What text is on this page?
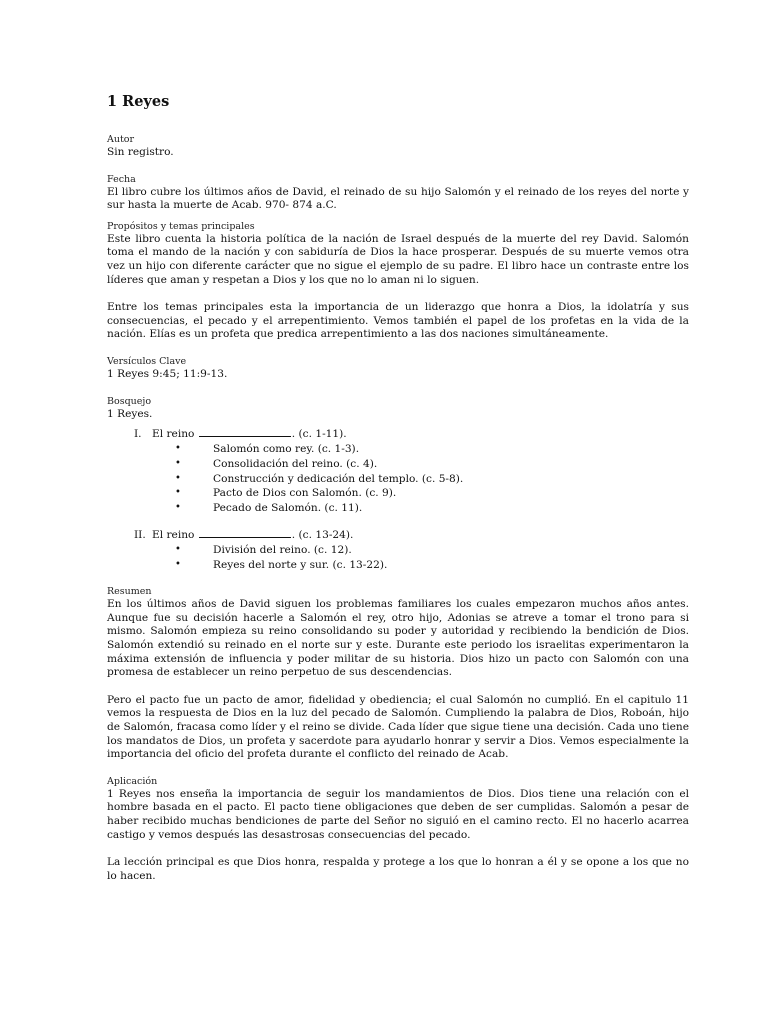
1 Reyes

Autor

Sin registro.

Fecha

El libro cubre los últimos años de David, el reinado de su hijo Salomón y el reinado de los reyes del norte y sur hasta la muerte de Acab. 970- 874 a.C.

Propósitos y temas principales

Este libro cuenta la historia política de la nación de Israel después de la muerte del rey David. Salomón toma el mando de la nación y con sabiduría de Dios la hace prosperar. Después de su muerte vemos otra vez un hijo con diferente carácter que no sigue el ejemplo de su padre. El libro hace un contraste entre los líderes que aman y respetan a Dios y los que no lo aman ni lo siguen.

Entre los temas principales esta la importancia de un liderazgo que honra a Dios, la idolatría y sus consecuencias, el pecado y el arrepentimiento. Vemos también el papel de los profetas en la vida de la nación. Elías es un profeta que predica arrepentimiento a las dos naciones simultáneamente.

Versículos Clave

1 Reyes 9:45; 11:9-13.

Bosquejo

1 Reyes.

I. El reino	. (c. 1-11).
•	Salomón como rey. (c. 1-3).
•	Consolidación del reino. (c. 4).
•	Construcción y dedicación del templo. (c. 5-8).
•	Pacto de Dios con Salomón. (c. 9).
•	Pecado de Salomón. (c. 11).
II. El reino	. (c. 13-24).
•	División del reino. (c. 12).
•	Reyes del norte y sur. (c. 13-22).

Resumen

En los últimos años de David siguen los problemas familiares los cuales empezaron muchos años antes. Aunque fue su decisión hacerle a Salomón el rey, otro hijo, Adonias se atreve a tomar el trono para si mismo. Salomón empieza su reino consolidando su poder y autoridad y recibiendo la bendición de Dios. Salomón extendió su reinado en el norte sur y este. Durante este periodo los israelitas experimentaron la máxima extensión de influencia y poder militar de su historia. Dios hizo un pacto con Salomón con una promesa de establecer un reino perpetuo de sus descendencias.

Pero el pacto fue un pacto de amor, fidelidad y obediencia; el cual Salomón no cumplió. En el capitulo 11 vemos la respuesta de Dios en la luz del pecado de Salomón. Cumpliendo la palabra de Dios, Roboán, hijo de Salomón, fracasa como líder y el reino se divide. Cada líder que sigue tiene una decisión. Cada uno tiene los mandatos de Dios, un profeta y sacerdote para ayudarlo honrar y servir a Dios. Vemos especialmente la importancia del oficio del profeta durante el conflicto del reinado de Acab.

Aplicación

1 Reyes nos enseña la importancia de seguir los mandamientos de Dios. Dios tiene una relación con el hombre basada en el pacto. El pacto tiene obligaciones que deben de ser cumplidas. Salomón a pesar de haber recibido muchas bendiciones de parte del Señor no siguió en el camino recto. El no hacerlo acarrea castigo y vemos después las desastrosas consecuencias del pecado.

La lección principal es que Dios honra, respalda y protege a los que lo honran a él y se opone a los que no lo hacen.
